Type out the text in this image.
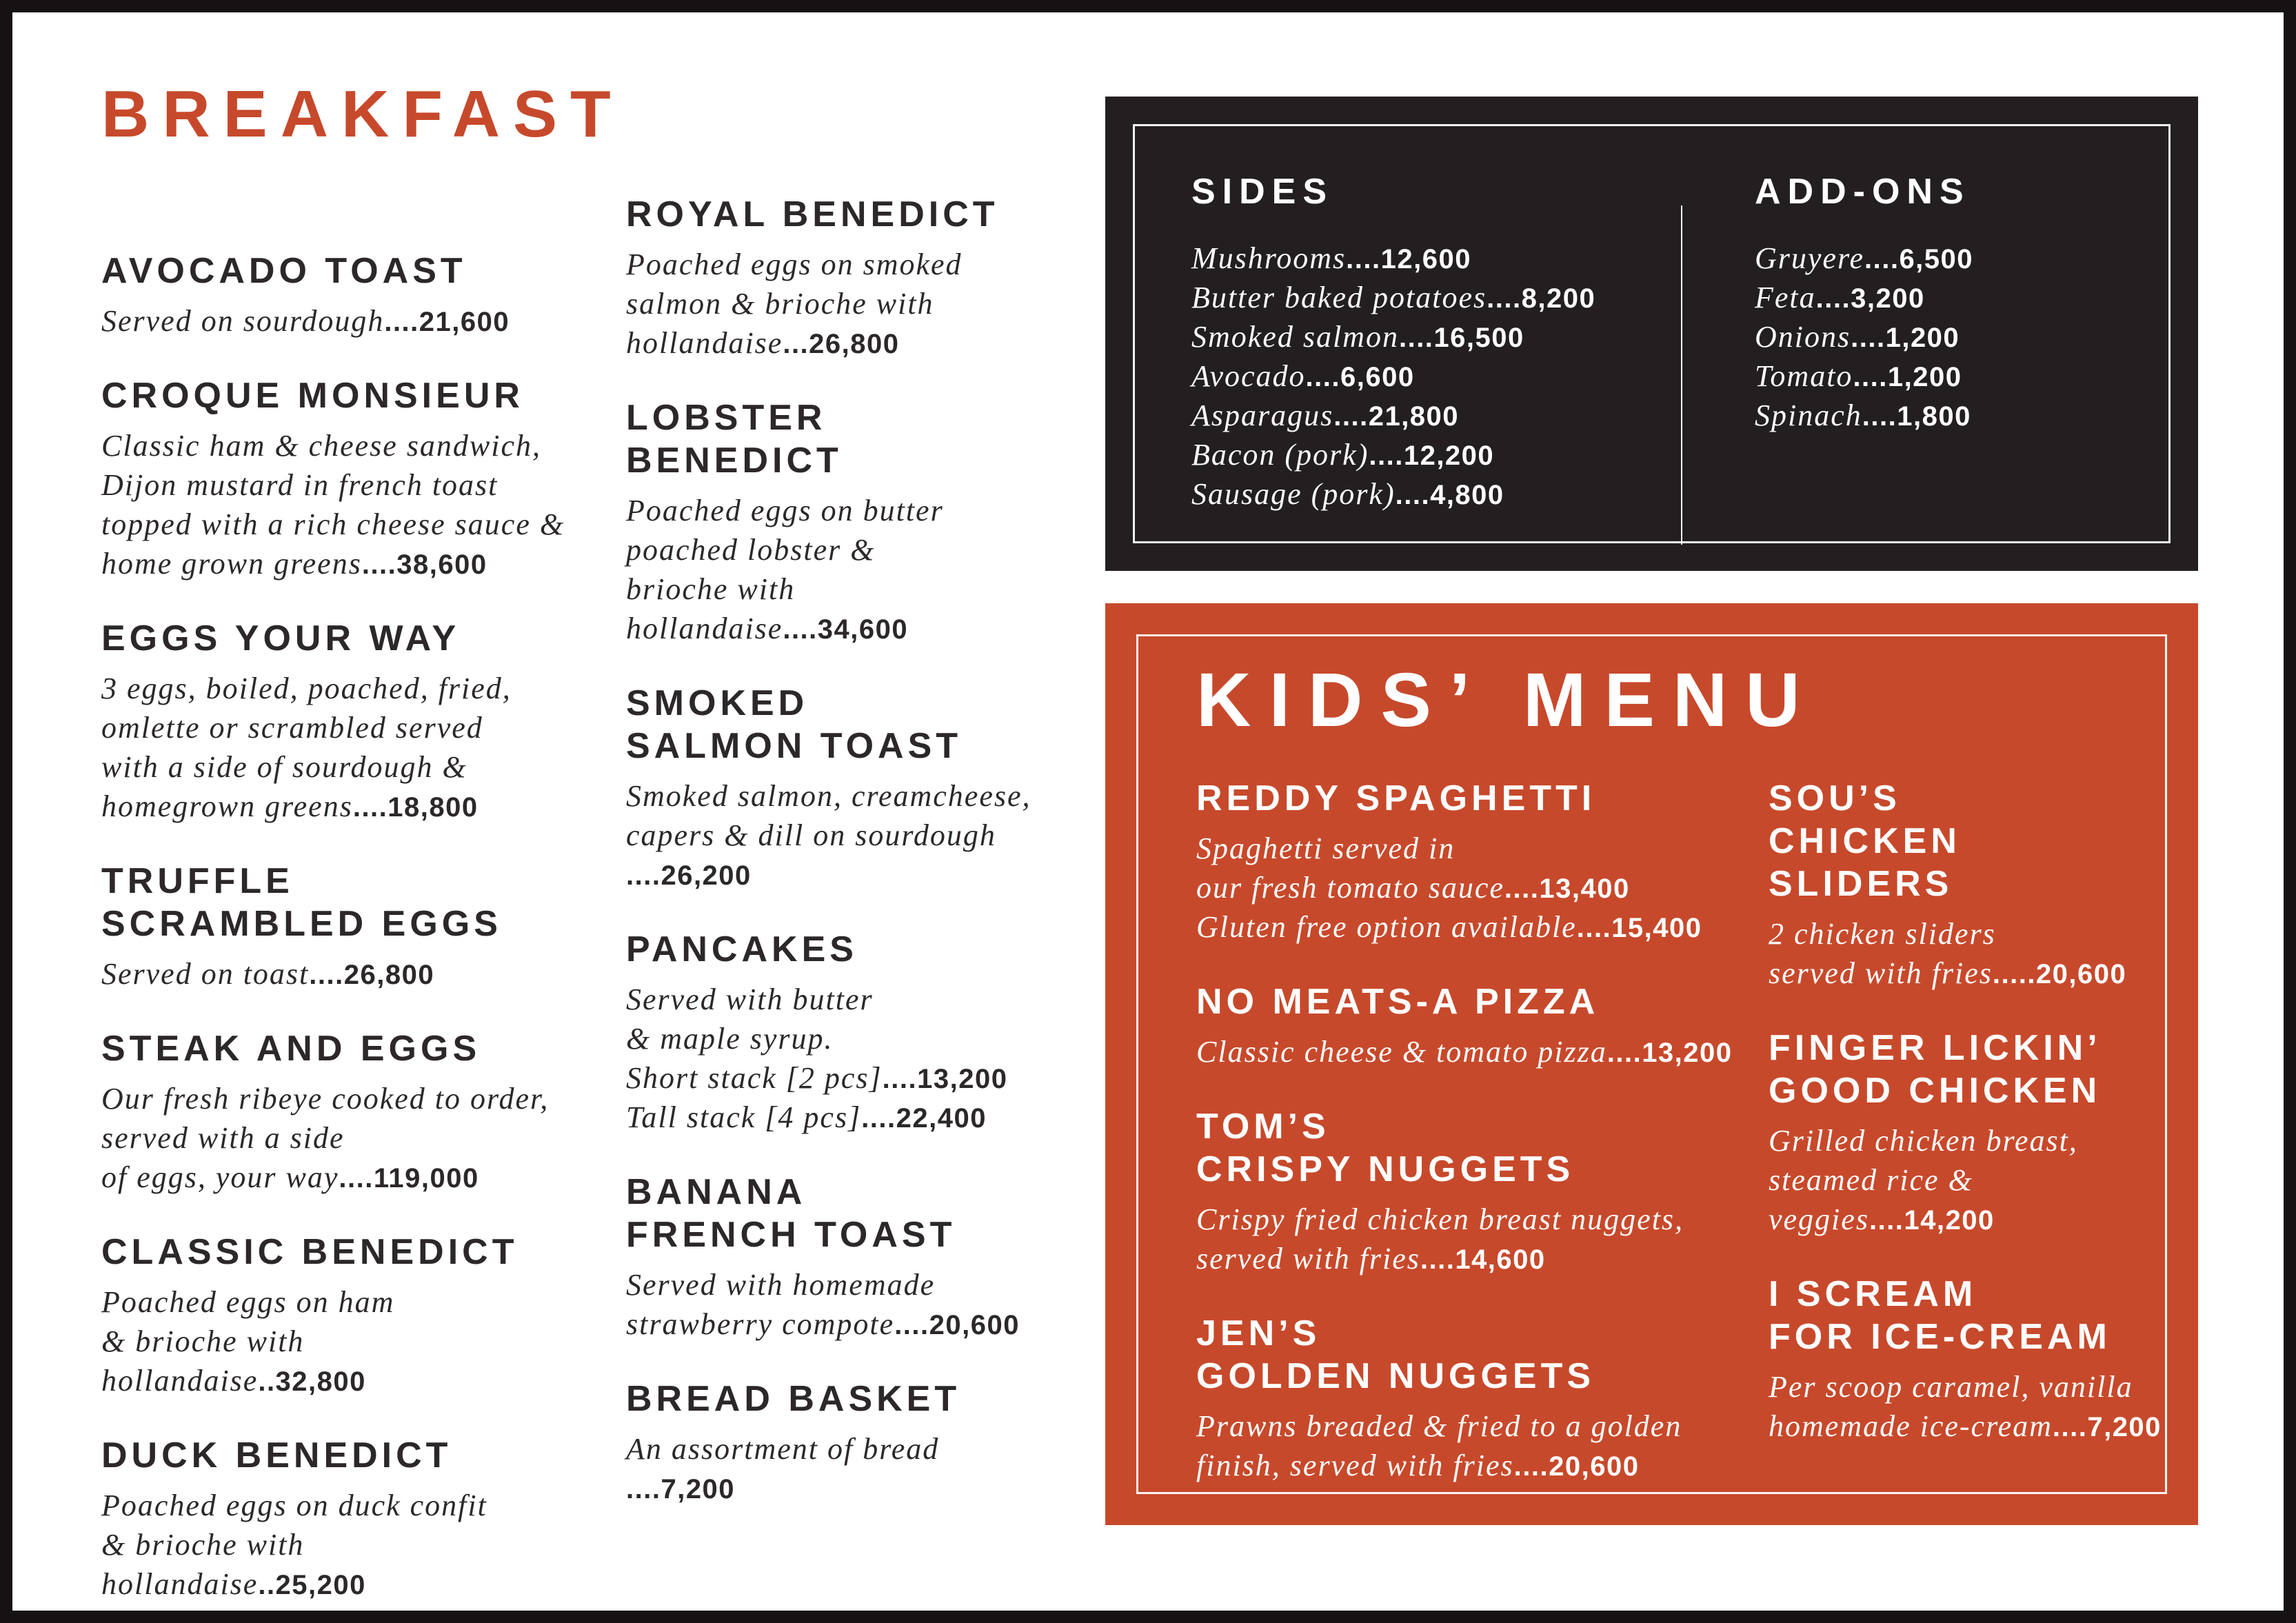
BREAKFAST
AVOCADO TOAST
Served on sourdough....21,600
CROQUE MONSIEUR
Classic ham & cheese sandwich,
Dijon mustard in french toast
topped with a rich cheese sauce &
home grown greens....38,600
EGGS YOUR WAY
3 eggs, boiled, poached, fried,
omlette or scrambled served
with a side of sourdough &
homegrown greens....18,800
TRUFFLE
SCRAMBLED EGGS
Served on toast....26,800
STEAK AND EGGS
Our fresh ribeye cooked to order,
served with a side
of eggs, your way....119,000
CLASSIC BENEDICT
Poached eggs on ham
& brioche with
hollandaise..32,800
DUCK BENEDICT
Poached eggs on duck confit
& brioche with
hollandaise..25,200
ROYAL BENEDICT
Poached eggs on smoked
salmon & brioche with
hollandaise...26,800
LOBSTER
BENEDICT
Poached eggs on butter
poached lobster &
brioche with
hollandaise....34,600
SMOKED
SALMON TOAST
Smoked salmon, creamcheese,
capers & dill on sourdough
....26,200
PANCAKES
Served with butter
& maple syrup.
Short stack [2 pcs]....13,200
Tall stack [4 pcs]....22,400
BANANA
FRENCH TOAST
Served with homemade
strawberry compote....20,600
BREAD BASKET
An assortment of bread
....7,200
SIDES
Mushrooms....12,600
Butter baked potatoes....8,200
Smoked salmon....16,500
Avocado....6,600
Asparagus....21,800
Bacon (pork)....12,200
Sausage (pork)....4,800
ADD-ONS
Gruyere....6,500
Feta....3,200
Onions....1,200
Tomato....1,200
Spinach....1,800
KIDS’ MENU
REDDY SPAGHETTI
Spaghetti served in
our fresh tomato sauce....13,400
Gluten free option available....15,400
NO MEATS-A PIZZA
Classic cheese & tomato pizza....13,200
TOM’S
CRISPY NUGGETS
Crispy fried chicken breast nuggets,
served with fries....14,600
JEN’S
GOLDEN NUGGETS
Prawns breaded & fried to a golden
finish, served with fries....20,600
SOU’S
CHICKEN
SLIDERS
2 chicken sliders
served with fries.....20,600
FINGER LICKIN’
GOOD CHICKEN
Grilled chicken breast,
steamed rice &
veggies....14,200
I SCREAM
FOR ICE-CREAM
Per scoop caramel, vanilla
homemade ice-cream....7,200
